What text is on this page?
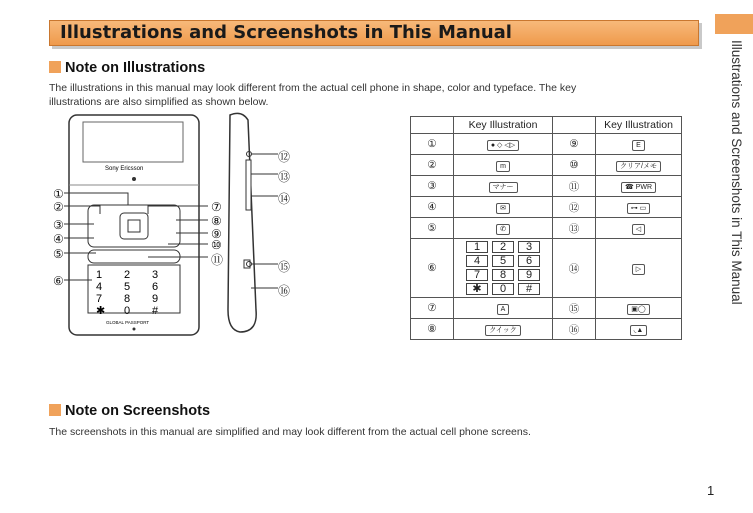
Illustrations and Screenshots in This Manual
Illustrations and Screenshots in This Manual
Note on Illustrations
The illustrations in this manual may look different from the actual cell phone in shape, color and typeface. The key
illustrations are also simplified as shown below.
Sony Ericsson
1 2 3
4 5 6
7 8 9
✱ 0 #
GLOBAL PASSPORT
①
②
③
④
⑤
⑥
⑦
⑧
⑨
⑩
⑪
⑫
⑬
⑭
⑮
⑯
	Key Illustration		Key Illustration
①	● ◇ ◁▷	⑨	E
②	m	⑩	クリア/メモ
③	マナー	⑪	☎ PWR
④	✉	⑫	⊶ ▭
⑤	✆	⑬	◁
⑥	1 2 3
4 5 6
7 8 9
✱ 0 #	⑭	▷
⑦	A	⑮	▣◯
⑧	クイック	⑯	◟▲
Note on Screenshots
The screenshots in this manual are simplified and may look different from the actual cell phone screens.
1
